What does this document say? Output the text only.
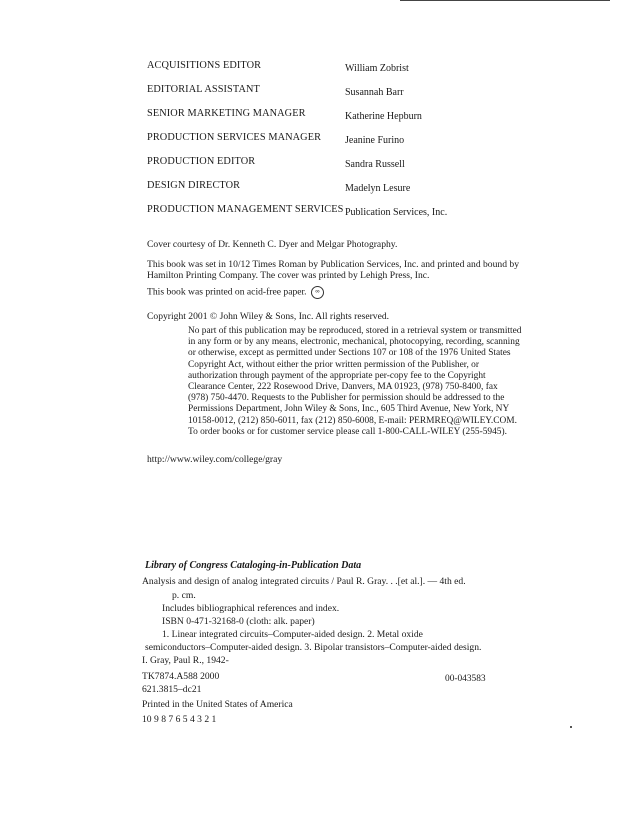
ACQUISITIONS EDITOR	William Zobrist
EDITORIAL ASSISTANT	Susannah Barr
SENIOR MARKETING MANAGER	Katherine Hepburn
PRODUCTION SERVICES MANAGER Jeanine Furino
PRODUCTION EDITOR	Sandra Russell
DESIGN DIRECTOR	Madelyn Lesure
PRODUCTION MANAGEMENT SERVICES Publication Services, Inc.
Cover courtesy of Dr. Kenneth C. Dyer and Melgar Photography.
This book was set in 10/12 Times Roman by Publication Services, Inc. and printed and bound by
Hamilton Printing Company. The cover was printed by Lehigh Press, Inc.
This book was printed on acid-free paper. ∞
Copyright 2001 © John Wiley & Sons, Inc. All rights reserved.
No part of this publication may be reproduced, stored in a retrieval system or transmitted
in any form or by any means, electronic, mechanical, photocopying, recording, scanning
or otherwise, except as permitted under Sections 107 or 108 of the 1976 United States
Copyright Act, without either the prior written permission of the Publisher, or
authorization through payment of the appropriate per-copy fee to the Copyright
Clearance Center, 222 Rosewood Drive, Danvers, MA 01923, (978) 750-8400, fax
(978) 750-4470. Requests to the Publisher for permission should be addressed to the
Permissions Department, John Wiley & Sons, Inc., 605 Third Avenue, New York, NY
10158-0012, (212) 850-6011, fax (212) 850-6008, E-mail: PERMREQ@WILEY.COM.
To order books or for customer service please call 1-800-CALL-WILEY (255-5945).
http://www.wiley.com/college/gray
Library of Congress Cataloging-in-Publication Data
Analysis and design of analog integrated circuits / Paul R. Gray. . .[et al.]. — 4th ed.
p. cm.
Includes bibliographical references and index.
ISBN 0-471-32168-0 (cloth: alk. paper)
1. Linear integrated circuits–Computer-aided design. 2. Metal oxide
semiconductors–Computer-aided design. 3. Bipolar transistors–Computer-aided design.
I. Gray, Paul R., 1942-
TK7874.A588 2000
621.3815–dc21
Printed in the United States of America
10 9 8 7 6 5 4 3 2 1
00-043583
